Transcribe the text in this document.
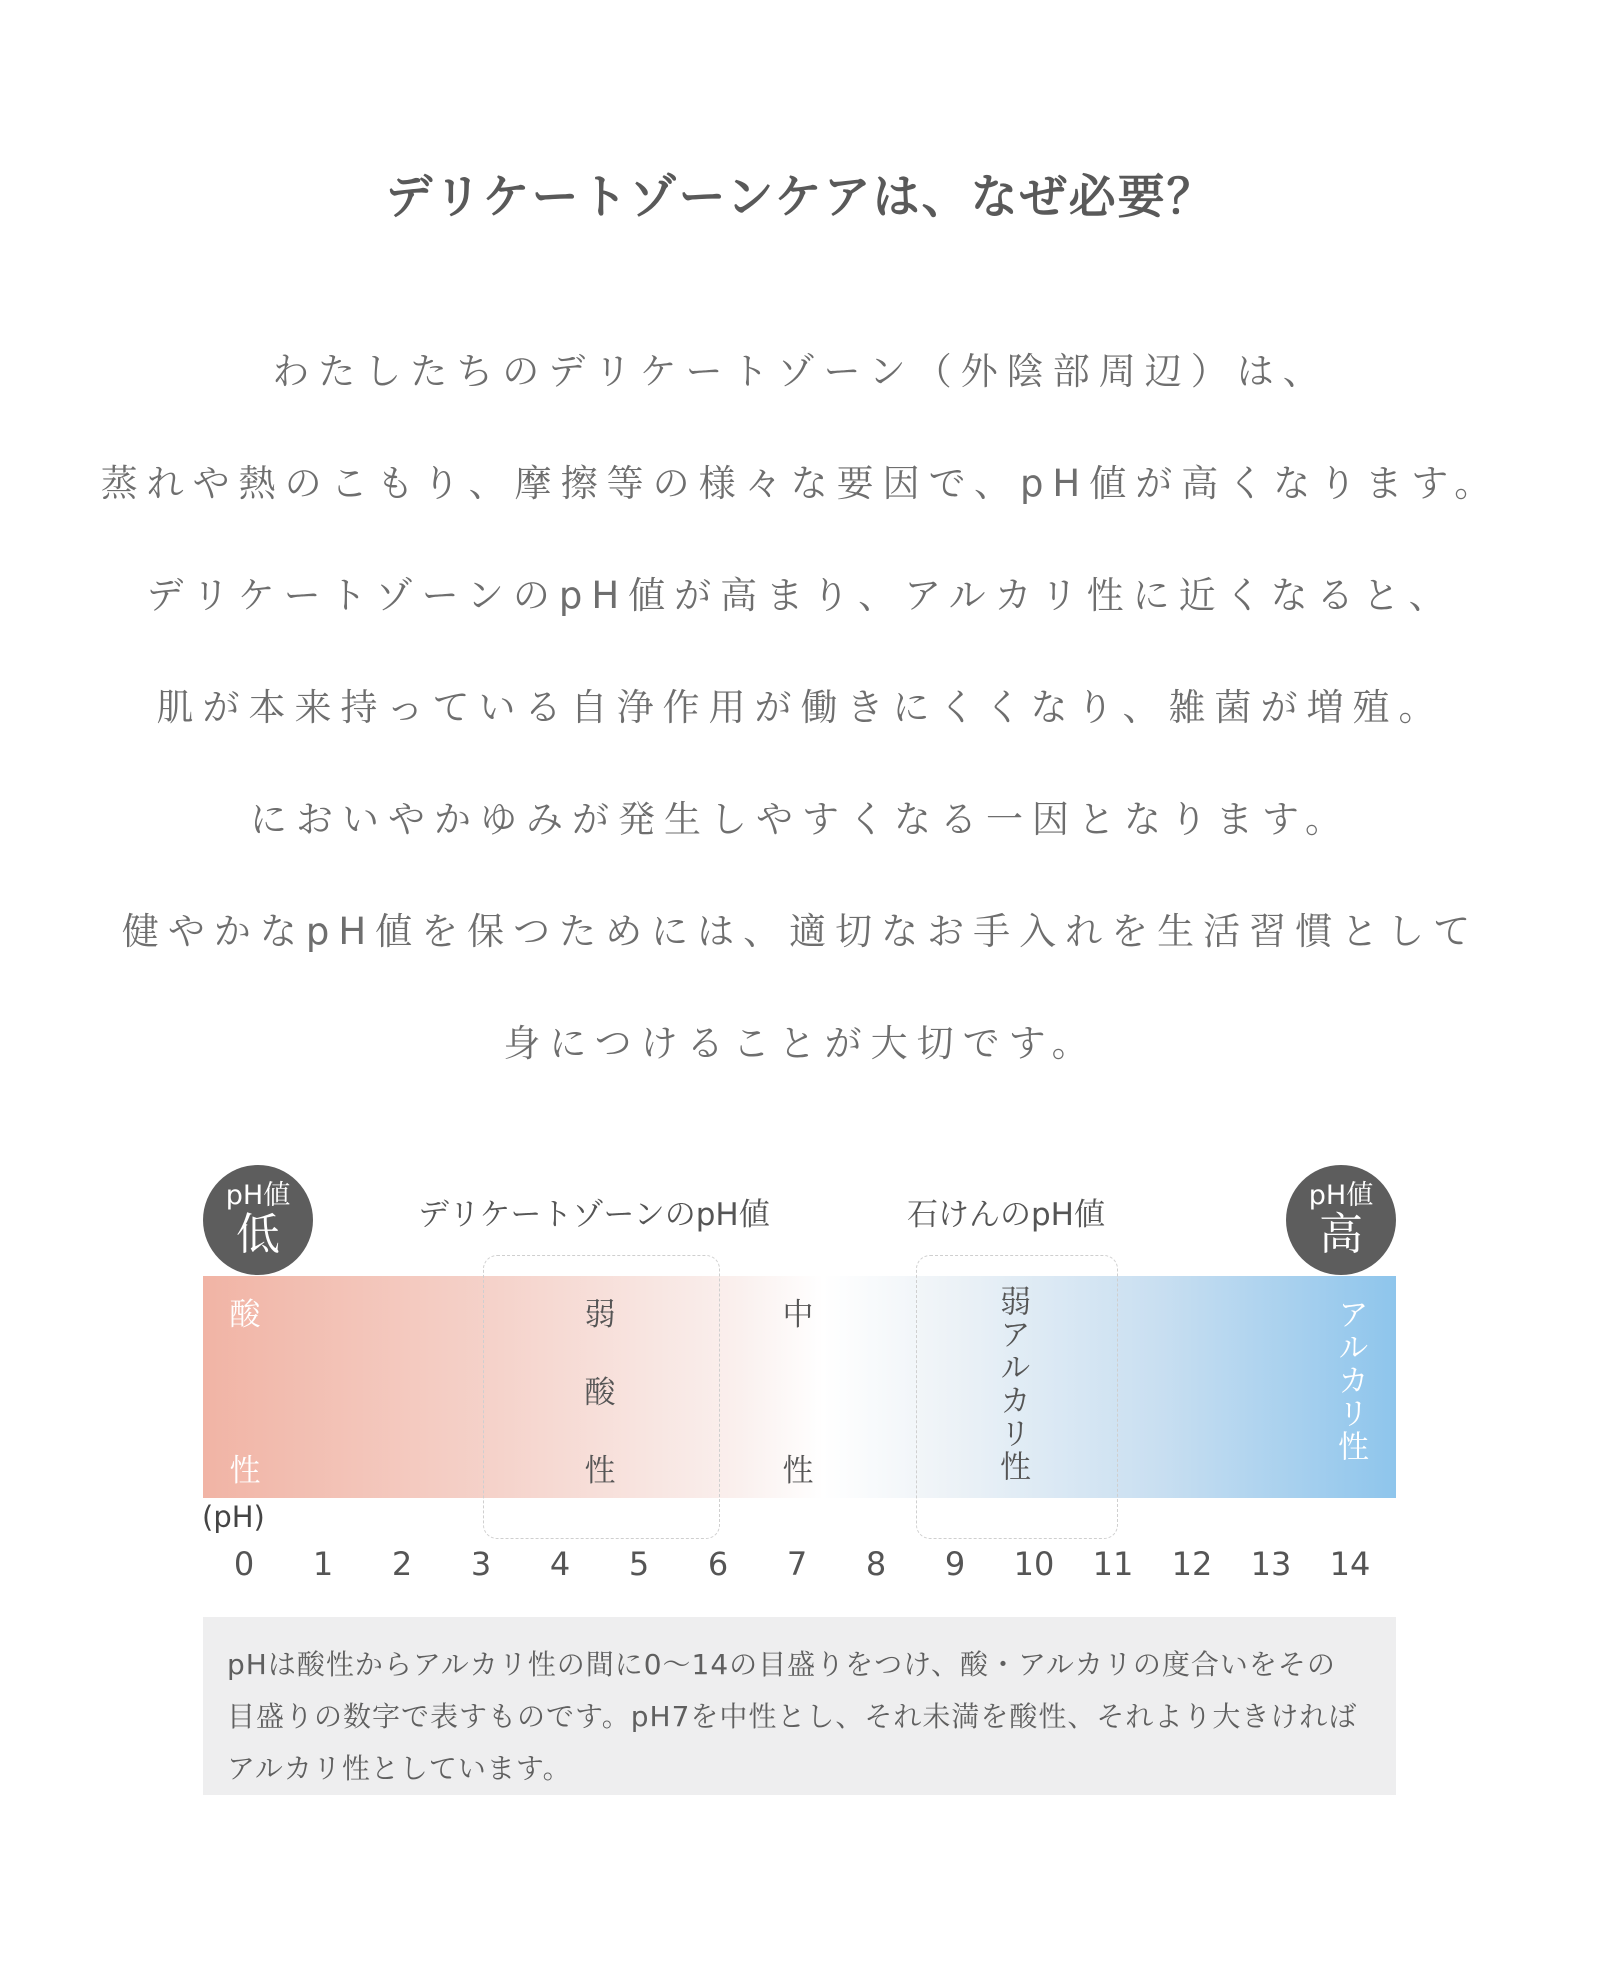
デリケートゾーンケアは、なぜ必要？
わたしたちのデリケートゾーン（外陰部周辺）は、
蒸れや熱のこもり、摩擦等の様々な要因で、pH値が高くなります。
デリケートゾーンのpH値が高まり、アルカリ性に近くなると、
肌が本来持っている自浄作用が働きにくくなり、雑菌が増殖。
においやかゆみが発生しやすくなる一因となります。
健やかなpH値を保つためには、適切なお手入れを生活習慣として
身につけることが大切です。
pH値
低
pH値
高
デリケートゾーンのpH値	石けんのpH値
酸
性
弱
酸
性
中
性	弱アルカリ性	アルカリ性
(pH)
0	1	2	3	4	5	6	7	8	9	10	11	12	13	14
pHは酸性からアルカリ性の間に0〜14の目盛りをつけ、酸・アルカリの度合いをその
目盛りの数字で表すものです。pH7を中性とし、それ未満を酸性、それより大きければ
アルカリ性としています。
